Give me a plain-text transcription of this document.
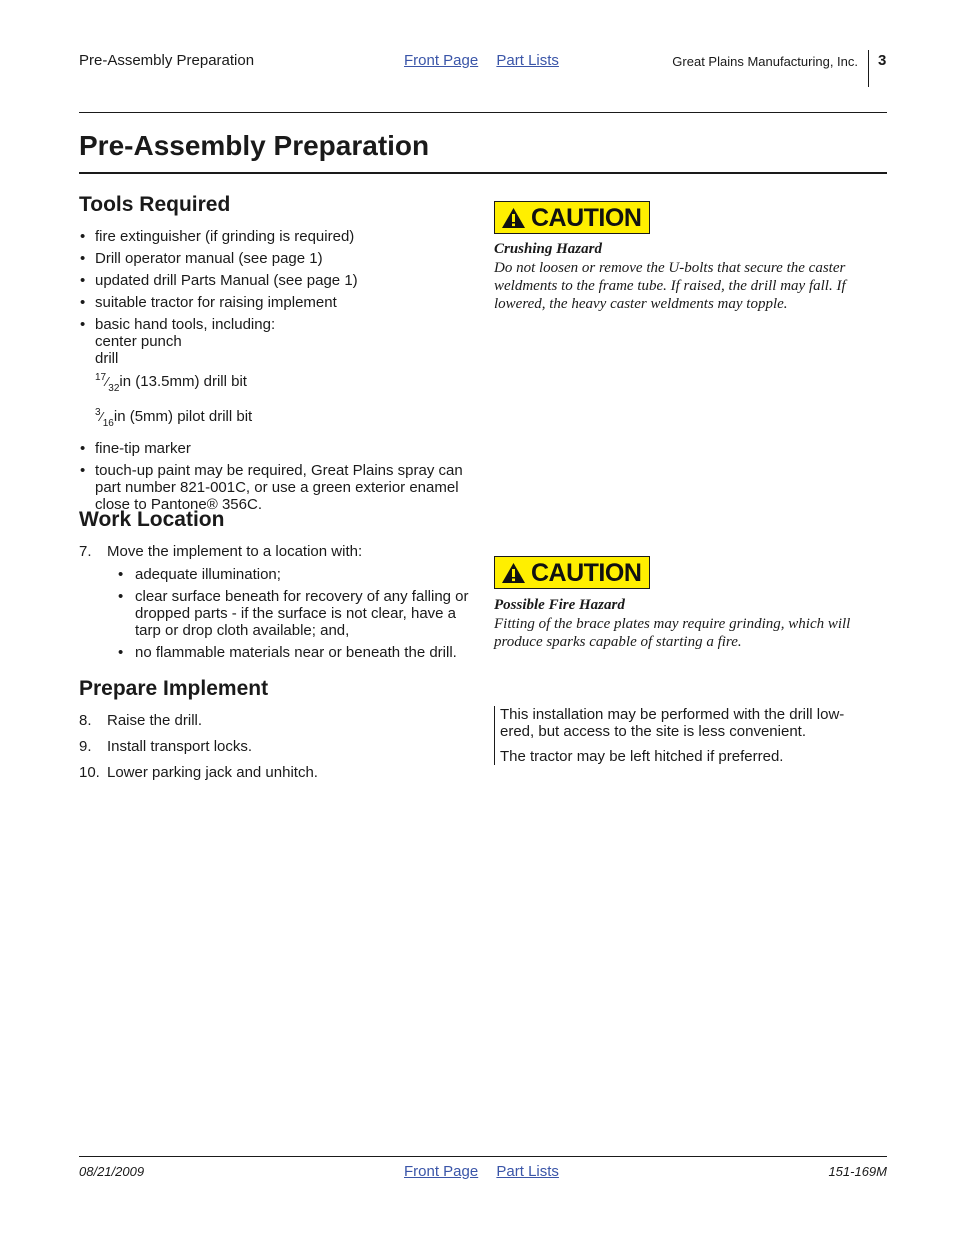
Pre-Assembly Preparation	Front Page Part Lists	Great Plains Manufacturing, Inc. 3
Pre-Assembly Preparation
Tools Required
• fire extinguisher (if grinding is required)
• Drill operator manual (see page 1)
• updated drill Parts Manual (see page 1)
• suitable tractor for raising implement
• basic hand tools, including:
center punch
drill
$^{17}⁄_{32}in$ (13.5mm) drill bit
$^3⁄_{16}in$ (5mm) pilot drill bit
• fine-tip marker
• touch-up paint may be required, Great Plains spray can part number 821-001C, or use a green exterior enamel close to Pantone® 356C.
Work Location
7. Move the implement to a location with:
• adequate illumination;
• clear surface beneath for recovery of any falling or dropped parts - if the surface is not clear, have a tarp or drop cloth available; and,
• no flammable materials near or beneath the drill.
Prepare Implement
8. Raise the drill.
9. Install transport locks.
10. Lower parking jack and unhitch.
CAUTION
Crushing Hazard
Do not loosen or remove the U-bolts that secure the caster weldments to the frame tube. If raised, the drill may fall. If lowered, the heavy caster weldments may topple.
CAUTION
Possible Fire Hazard
Fitting of the brace plates may require grinding, which will produce sparks capable of starting a fire.

This installation may be performed with the drill low-ered, but access to the site is less convenient.

The tractor may be left hitched if preferred.

08/21/2009	Front Page Part Lists	151-169M
